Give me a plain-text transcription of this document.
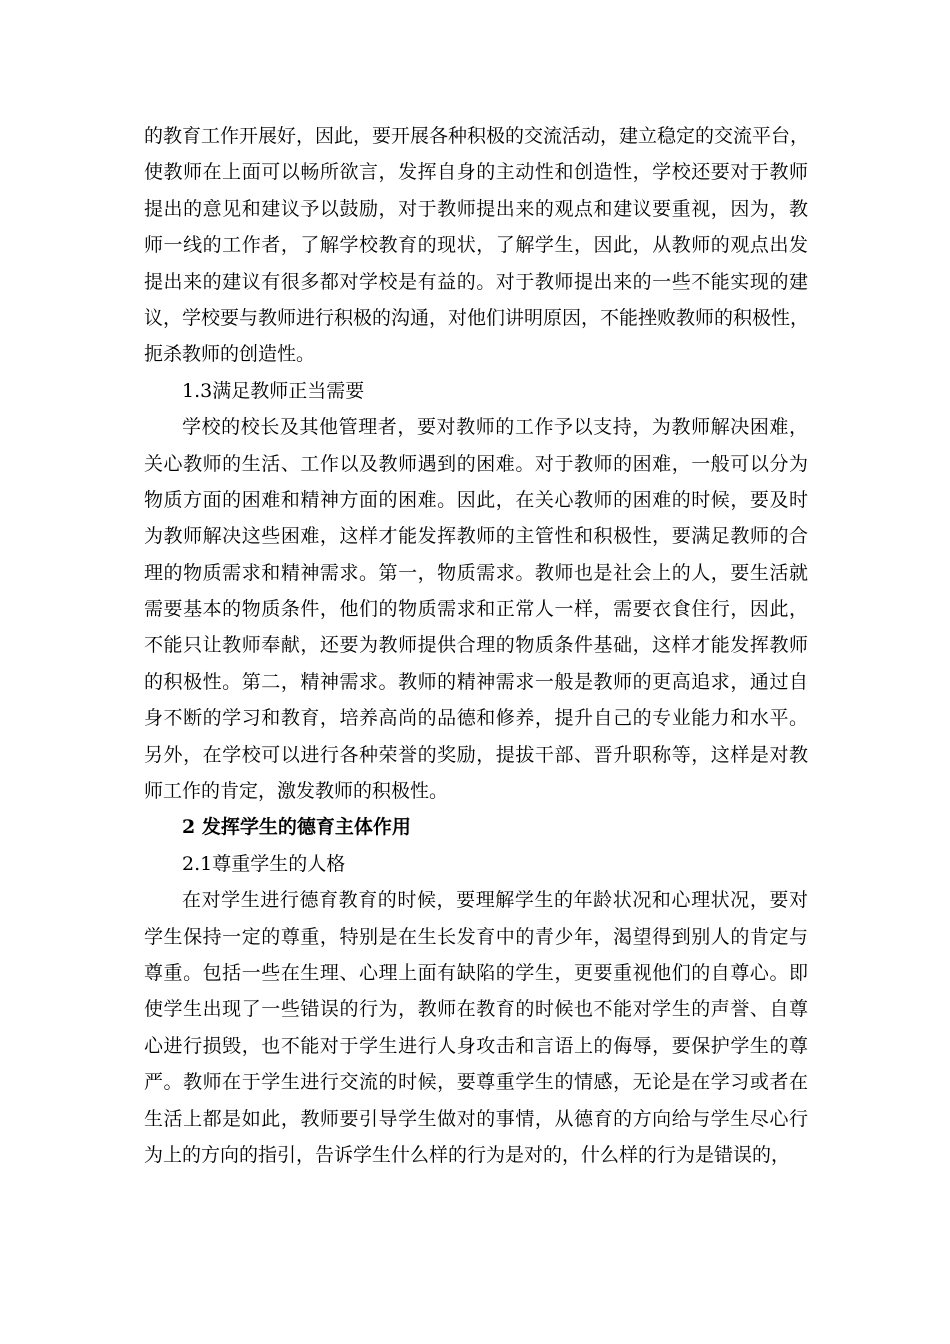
的教育工作开展好，因此，要开展各种积极的交流活动，建立稳定的交流平台，
使教师在上面可以畅所欲言，发挥自身的主动性和创造性，学校还要对于教师
提出的意见和建议予以鼓励，对于教师提出来的观点和建议要重视，因为，教
师一线的工作者，了解学校教育的现状，了解学生，因此，从教师的观点出发
提出来的建议有很多都对学校是有益的。对于教师提出来的一些不能实现的建
议，学校要与教师进行积极的沟通，对他们讲明原因，不能挫败教师的积极性，
扼杀教师的创造性。
1.3满足教师正当需要
学校的校长及其他管理者，要对教师的工作予以支持，为教师解决困难，
关心教师的生活、工作以及教师遇到的困难。对于教师的困难，一般可以分为
物质方面的困难和精神方面的困难。因此，在关心教师的困难的时候，要及时
为教师解决这些困难，这样才能发挥教师的主管性和积极性，要满足教师的合
理的物质需求和精神需求。第一，物质需求。教师也是社会上的人，要生活就
需要基本的物质条件，他们的物质需求和正常人一样，需要衣食住行，因此，
不能只让教师奉献，还要为教师提供合理的物质条件基础，这样才能发挥教师
的积极性。第二，精神需求。教师的精神需求一般是教师的更高追求，通过自
身不断的学习和教育，培养高尚的品德和修养，提升自己的专业能力和水平。
另外，在学校可以进行各种荣誉的奖励，提拔干部、晋升职称等，这样是对教
师工作的肯定，激发教师的积极性。
2 发挥学生的德育主体作用
2.1尊重学生的人格
在对学生进行德育教育的时候，要理解学生的年龄状况和心理状况，要对
学生保持一定的尊重，特别是在生长发育中的青少年，渴望得到别人的肯定与
尊重。包括一些在生理、心理上面有缺陷的学生，更要重视他们的自尊心。即
使学生出现了一些错误的行为，教师在教育的时候也不能对学生的声誉、自尊
心进行损毁，也不能对于学生进行人身攻击和言语上的侮辱，要保护学生的尊
严。教师在于学生进行交流的时候，要尊重学生的情感，无论是在学习或者在
生活上都是如此，教师要引导学生做对的事情，从德育的方向给与学生尽心行
为上的方向的指引，告诉学生什么样的行为是对的，什么样的行为是错误的，
